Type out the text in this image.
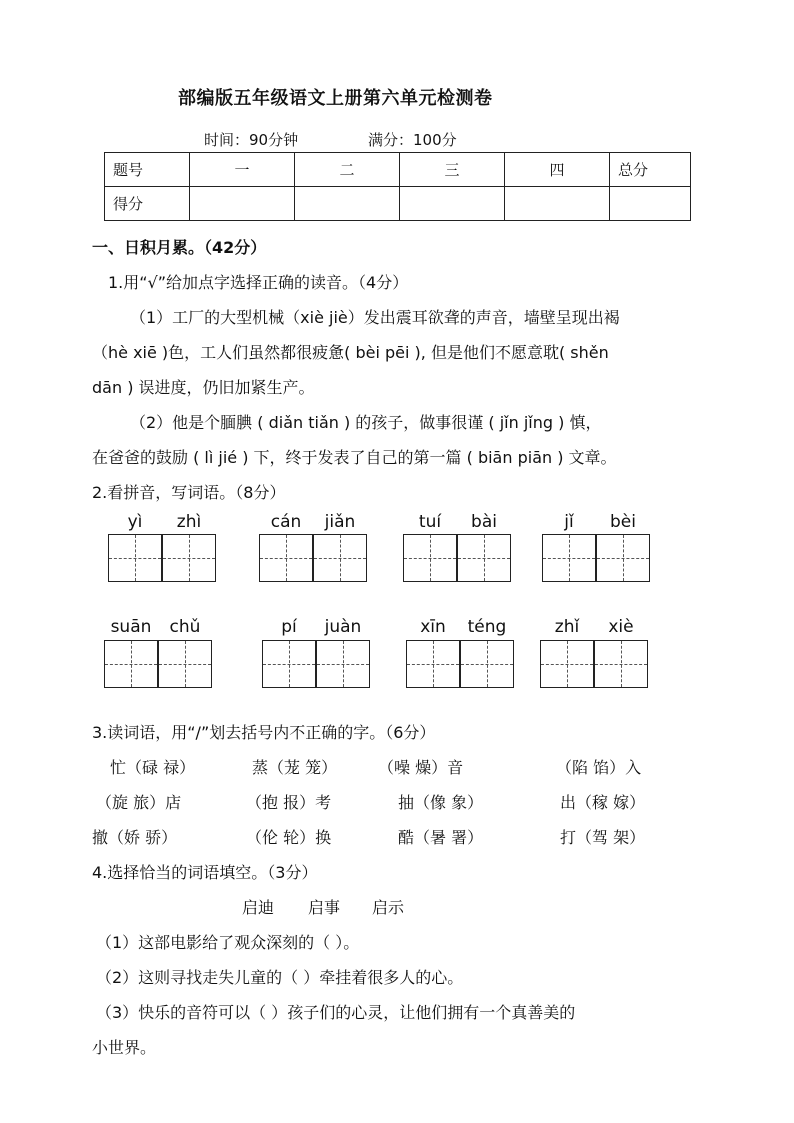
部编版五年级语文上册第六单元检测卷
时间：90分钟	满分：100分
题号	一	二	三	四	总分
得分					
一、日积月累。（42分）
1.用“√”给加点字选择正确的读音。（4分）
（1）工厂的大型机械（xiè jiè）发出震耳欲聋的声音，墙壁呈现出褐
（hè xiē )色，工人们虽然都很疲惫( bèi pēi ), 但是他们不愿意耽( shěn
dān ) 误进度，仍旧加紧生产。
（2）他是个腼腆 ( diǎn tiǎn ) 的孩子，做事很谨 ( jǐn jǐng ) 慎，
在爸爸的鼓励 ( lì jié ) 下，终于发表了自己的第一篇 ( biān piān ) 文章。
2.看拼音，写词语。（8分）
yì	zhì	cán	jiǎn	tuí	bài	jǐ	bèi
suān	chǔ	pí	juàn	xīn	téng	zhǐ	xiè
3.读词语，用“/”划去括号内不正确的字。（6分）
忙（碌 禄）	蒸（茏 笼）	（噪 燥）音	（陷 馅）入
（旋 旅）店	（抱 报）考	抽（像 象）	出（稼 嫁）
撤（娇 骄）	（伦 轮）换	酷（暑 署）	打（驾 架）
4.选择恰当的词语填空。（3分）
启迪 启事 启示
（1）这部电影给了观众深刻的（ ）。
（2）这则寻找走失儿童的（ ）牵挂着很多人的心。
（3）快乐的音符可以（ ）孩子们的心灵，让他们拥有一个真善美的
小世界。
